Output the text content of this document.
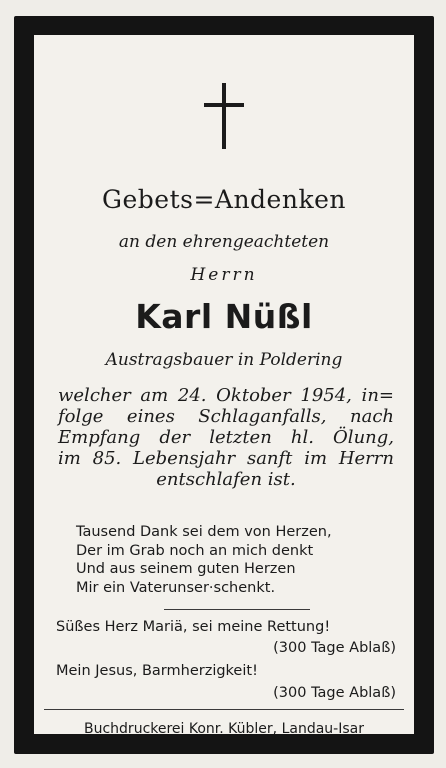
Gebets=Andenken
an den ehrengeachteten
Herrn
Karl Nüßl
Austragsbauer in Poldering
welcher am 24. Oktober 1954, in=
folge eines Schlaganfalls, nach
Empfang der letzten hl. Ölung,
im 85. Lebensjahr sanft im Herrn
entschlafen ist.
Tausend Dank sei dem von Herzen,
Der im Grab noch an mich denkt
Und aus seinem guten Herzen
Mir ein Vaterunser·schenkt.
Süßes Herz Mariä, sei meine Rettung!
(300 Tage Ablaß)
Mein Jesus, Barmherzigkeit!
(300 Tage Ablaß)
Buchdruckerei Konr. Kübler, Landau-Isar
